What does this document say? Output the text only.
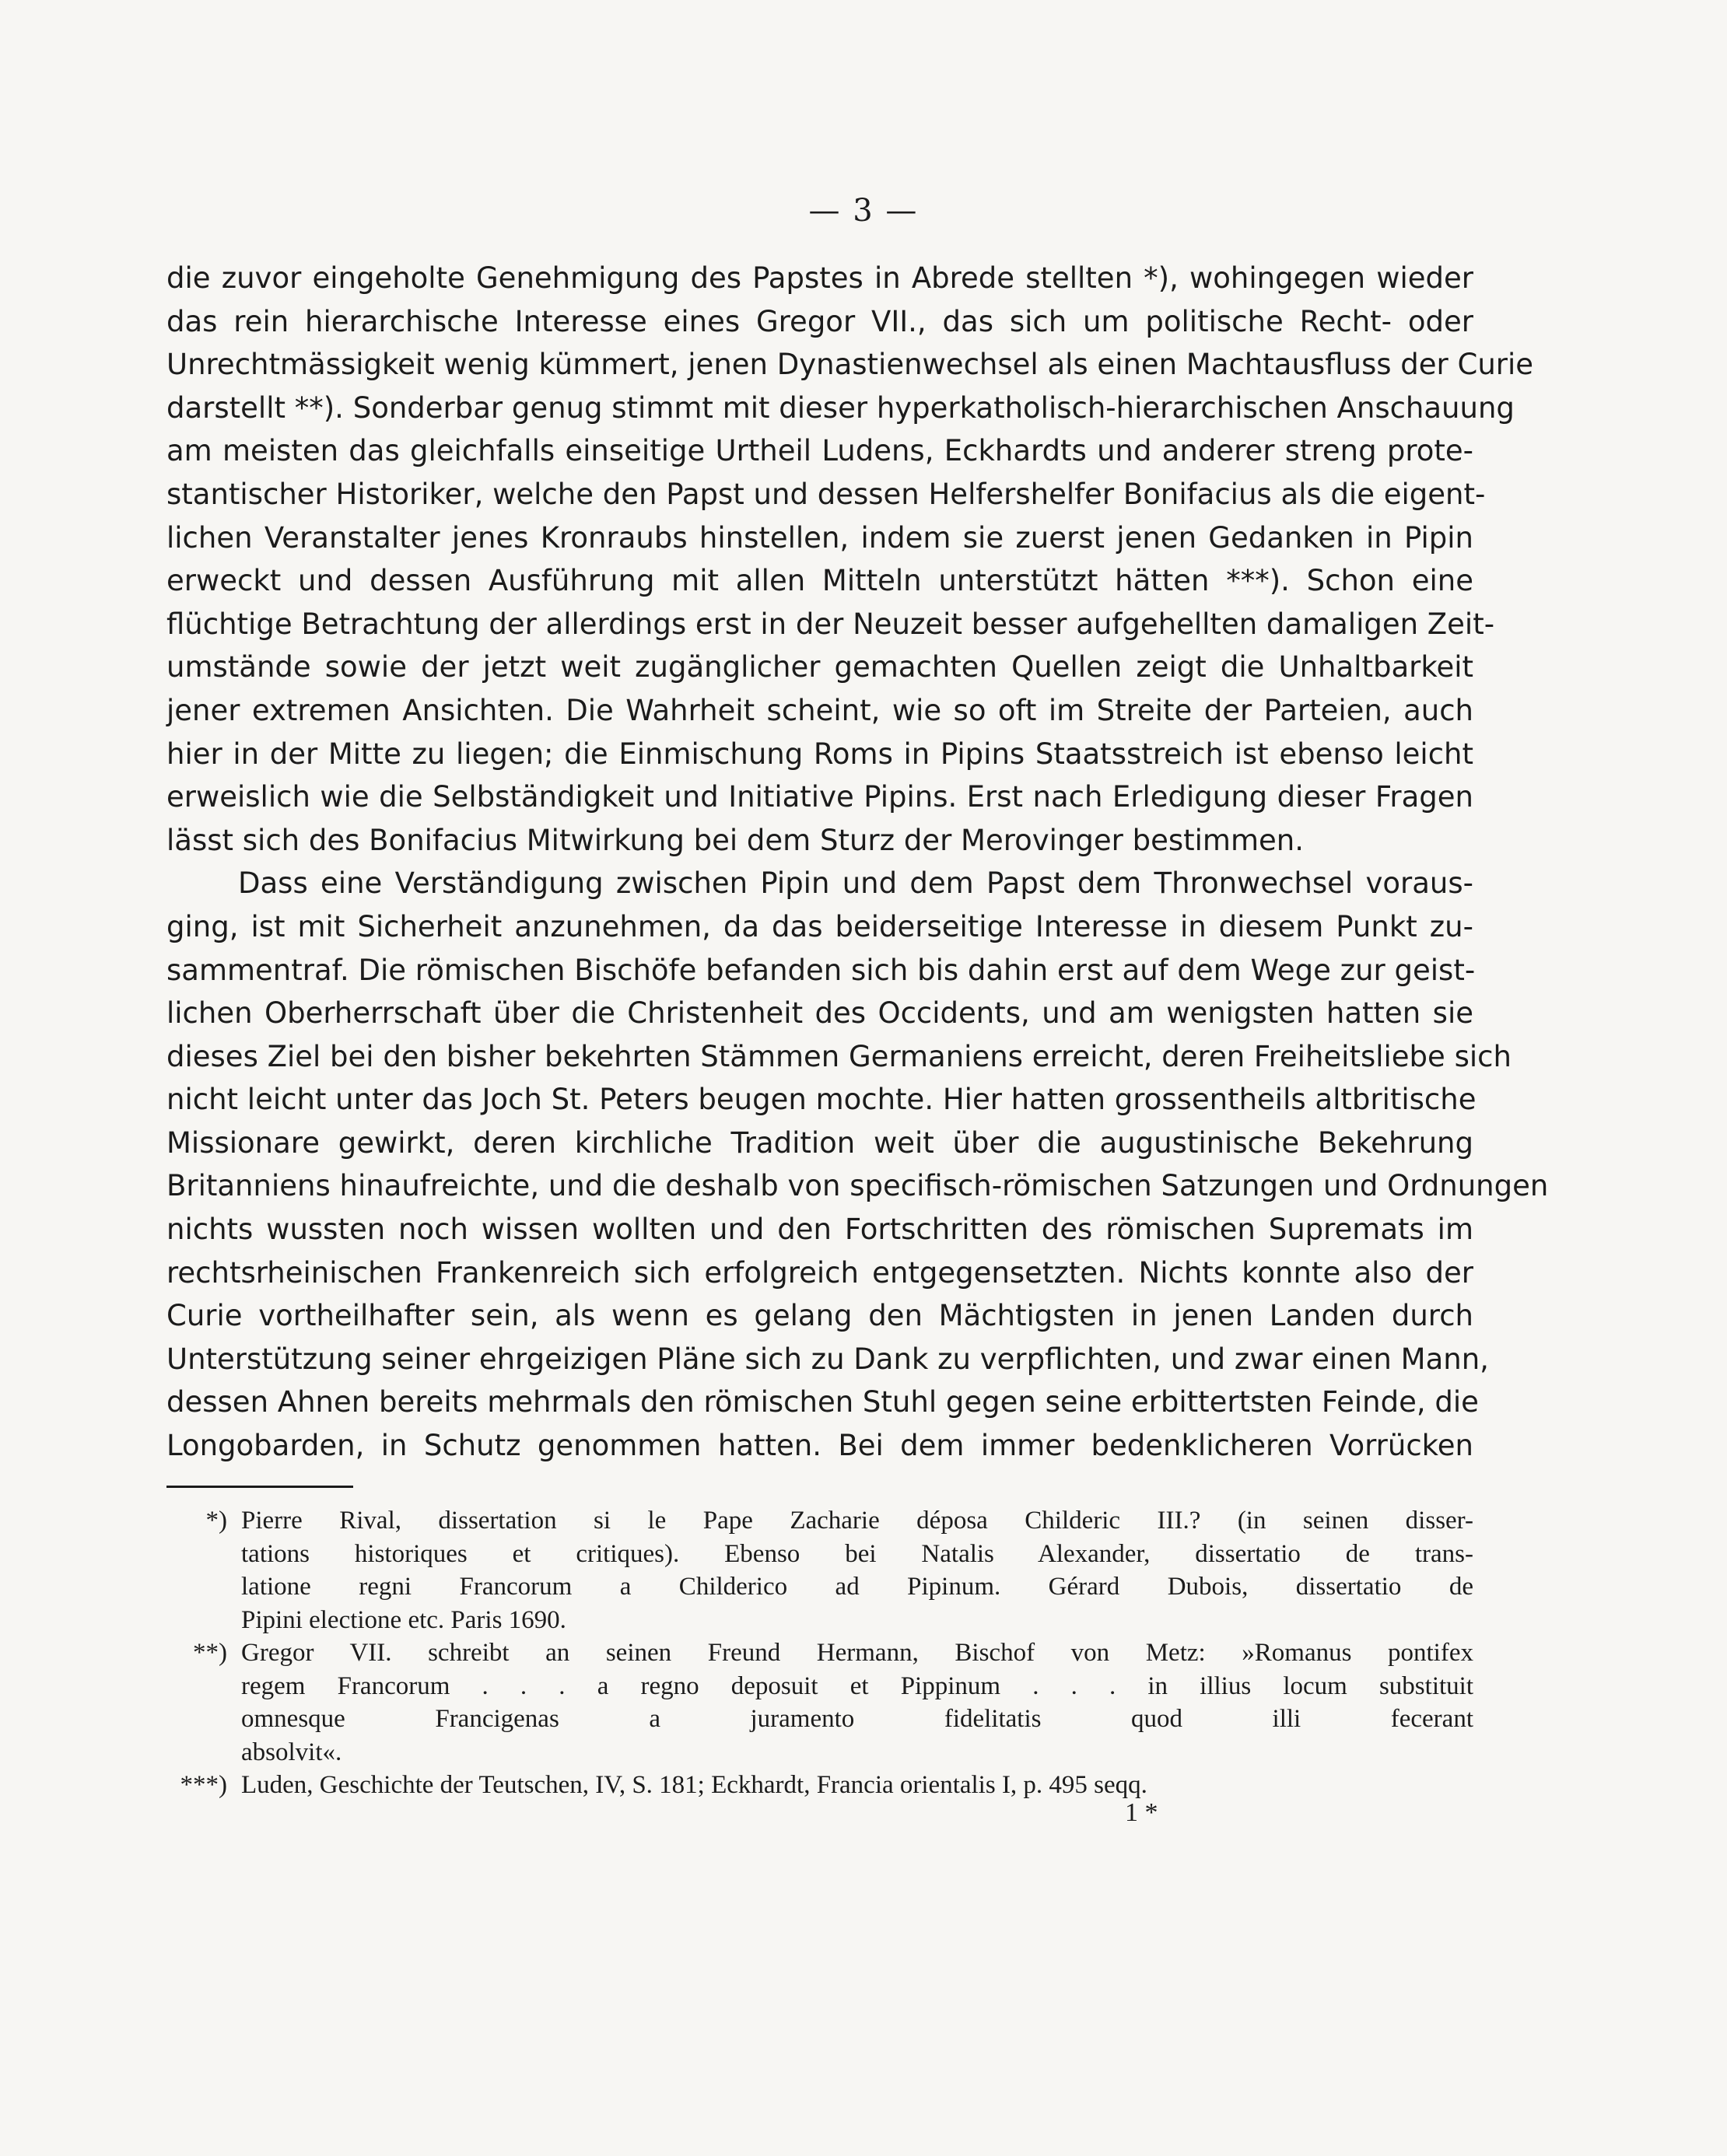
— 3 —
die zuvor eingeholte Genehmigung des Papstes in Abrede stellten *), wohingegen wieder
das rein hierarchische Interesse eines Gregor VII., das sich um politische Recht- oder
Unrechtmässigkeit wenig kümmert, jenen Dynastienwechsel als einen Machtausfluss der Curie
darstellt **). Sonderbar genug stimmt mit dieser hyperkatholisch-hierarchischen Anschauung
am meisten das gleichfalls einseitige Urtheil Ludens, Eckhardts und anderer streng prote-
stantischer Historiker, welche den Papst und dessen Helfershelfer Bonifacius als die eigent-
lichen Veranstalter jenes Kronraubs hinstellen, indem sie zuerst jenen Gedanken in Pipin
erweckt und dessen Ausführung mit allen Mitteln unterstützt hätten ***). Schon eine
flüchtige Betrachtung der allerdings erst in der Neuzeit besser aufgehellten damaligen Zeit-
umstände sowie der jetzt weit zugänglicher gemachten Quellen zeigt die Unhaltbarkeit
jener extremen Ansichten. Die Wahrheit scheint, wie so oft im Streite der Parteien, auch
hier in der Mitte zu liegen; die Einmischung Roms in Pipins Staatsstreich ist ebenso leicht
erweislich wie die Selbständigkeit und Initiative Pipins. Erst nach Erledigung dieser Fragen
lässt sich des Bonifacius Mitwirkung bei dem Sturz der Merovinger bestimmen.
Dass eine Verständigung zwischen Pipin und dem Papst dem Thronwechsel voraus-
ging, ist mit Sicherheit anzunehmen, da das beiderseitige Interesse in diesem Punkt zu-
sammentraf. Die römischen Bischöfe befanden sich bis dahin erst auf dem Wege zur geist-
lichen Oberherrschaft über die Christenheit des Occidents, und am wenigsten hatten sie
dieses Ziel bei den bisher bekehrten Stämmen Germaniens erreicht, deren Freiheitsliebe sich
nicht leicht unter das Joch St. Peters beugen mochte. Hier hatten grossentheils altbritische
Missionare gewirkt, deren kirchliche Tradition weit über die augustinische Bekehrung
Britanniens hinaufreichte, und die deshalb von specifisch-römischen Satzungen und Ordnungen
nichts wussten noch wissen wollten und den Fortschritten des römischen Supremats im
rechtsrheinischen Frankenreich sich erfolgreich entgegensetzten. Nichts konnte also der
Curie vortheilhafter sein, als wenn es gelang den Mächtigsten in jenen Landen durch
Unterstützung seiner ehrgeizigen Pläne sich zu Dank zu verpflichten, und zwar einen Mann,
dessen Ahnen bereits mehrmals den römischen Stuhl gegen seine erbittertsten Feinde, die
Longobarden, in Schutz genommen hatten. Bei dem immer bedenklicheren Vorrücken
*) Pierre Rival, dissertation si le Pape Zacharie déposa Childeric III.? (in seinen disser-
tations historiques et critiques). Ebenso bei Natalis Alexander, dissertatio de trans-
latione regni Francorum a Childerico ad Pipinum. Gérard Dubois, dissertatio de
Pipini electione etc. Paris 1690.
**) Gregor VII. schreibt an seinen Freund Hermann, Bischof von Metz: »Romanus pontifex
regem Francorum . . . a regno deposuit et Pippinum . . . in illius locum substituit
omnesque Francigenas a juramento fidelitatis quod illi fecerant
absolvit«.
***) Luden, Geschichte der Teutschen, IV, S. 181; Eckhardt, Francia orientalis I, p. 495 seqq.
1 *
